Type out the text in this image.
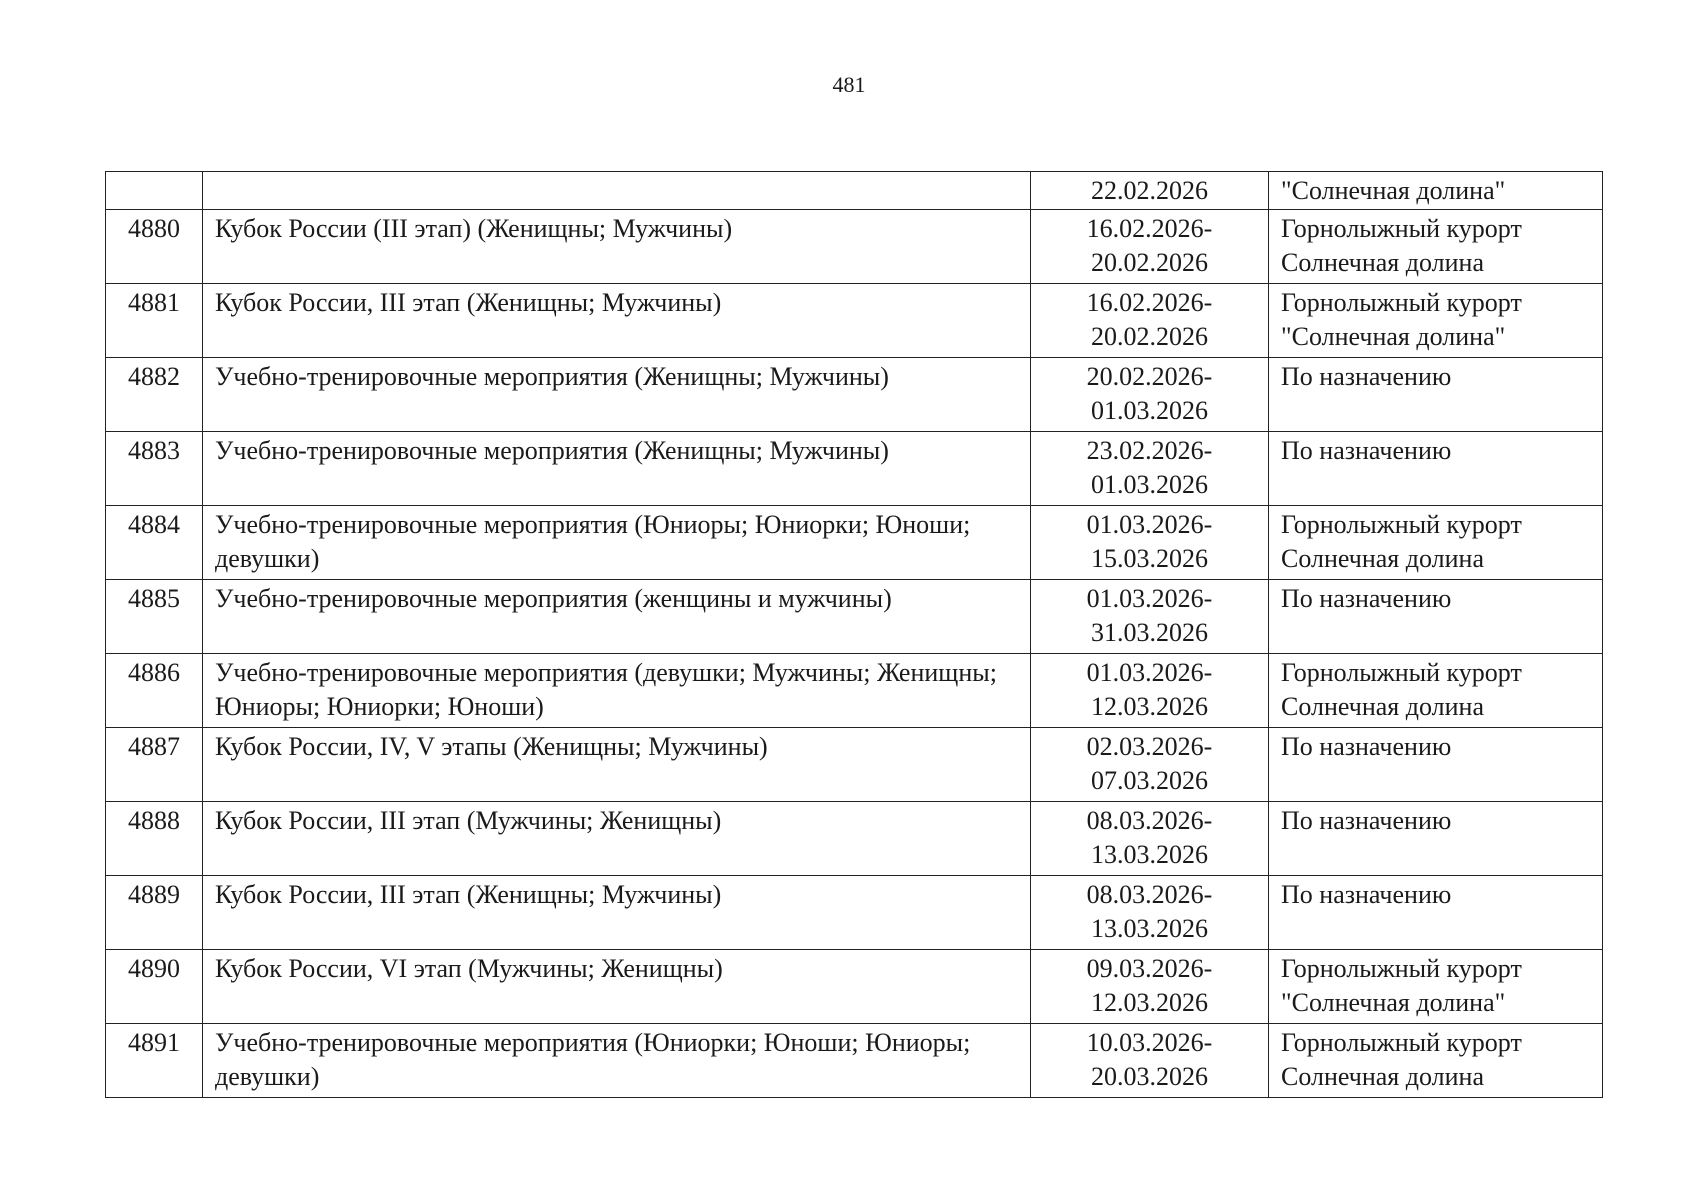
481

		22.02.2026	"Солнечная долина"

4880	Кубок России (III этап) (Женищны; Мужчины)	16.02.2026-
20.02.2026	Горнолыжный курорт
Солнечная долина

4881	Кубок России, III этап (Женищны; Мужчины)	16.02.2026-
20.02.2026	Горнолыжный курорт
"Солнечная долина"

4882	Учебно-тренировочные мероприятия (Женищны; Мужчины)	20.02.2026-
01.03.2026	По назначению

4883	Учебно-тренировочные мероприятия (Женищны; Мужчины)	23.02.2026-
01.03.2026	По назначению

4884	Учебно-тренировочные мероприятия (Юниоры; Юниорки; Юноши; девушки)	01.03.2026-
15.03.2026	Горнолыжный курорт
Солнечная долина

4885	Учебно-тренировочные мероприятия (женщины и мужчины)	01.03.2026-
31.03.2026	По назначению

4886	Учебно-тренировочные мероприятия (девушки; Мужчины; Женищны; Юниоры; Юниорки; Юноши)	01.03.2026-
12.03.2026	Горнолыжный курорт
Солнечная долина

4887	Кубок России, IV, V этапы (Женищны; Мужчины)	02.03.2026-
07.03.2026	По назначению

4888	Кубок России, III этап (Мужчины; Женищны)	08.03.2026-
13.03.2026	По назначению

4889	Кубок России, III этап (Женищны; Мужчины)	08.03.2026-
13.03.2026	По назначению

4890	Кубок России, VI этап (Мужчины; Женищны)	09.03.2026-
12.03.2026	Горнолыжный курорт
"Солнечная долина"

4891	Учебно-тренировочные мероприятия (Юниорки; Юноши; Юниоры; девушки)	10.03.2026-
20.03.2026	Горнолыжный курорт
Солнечная долина
